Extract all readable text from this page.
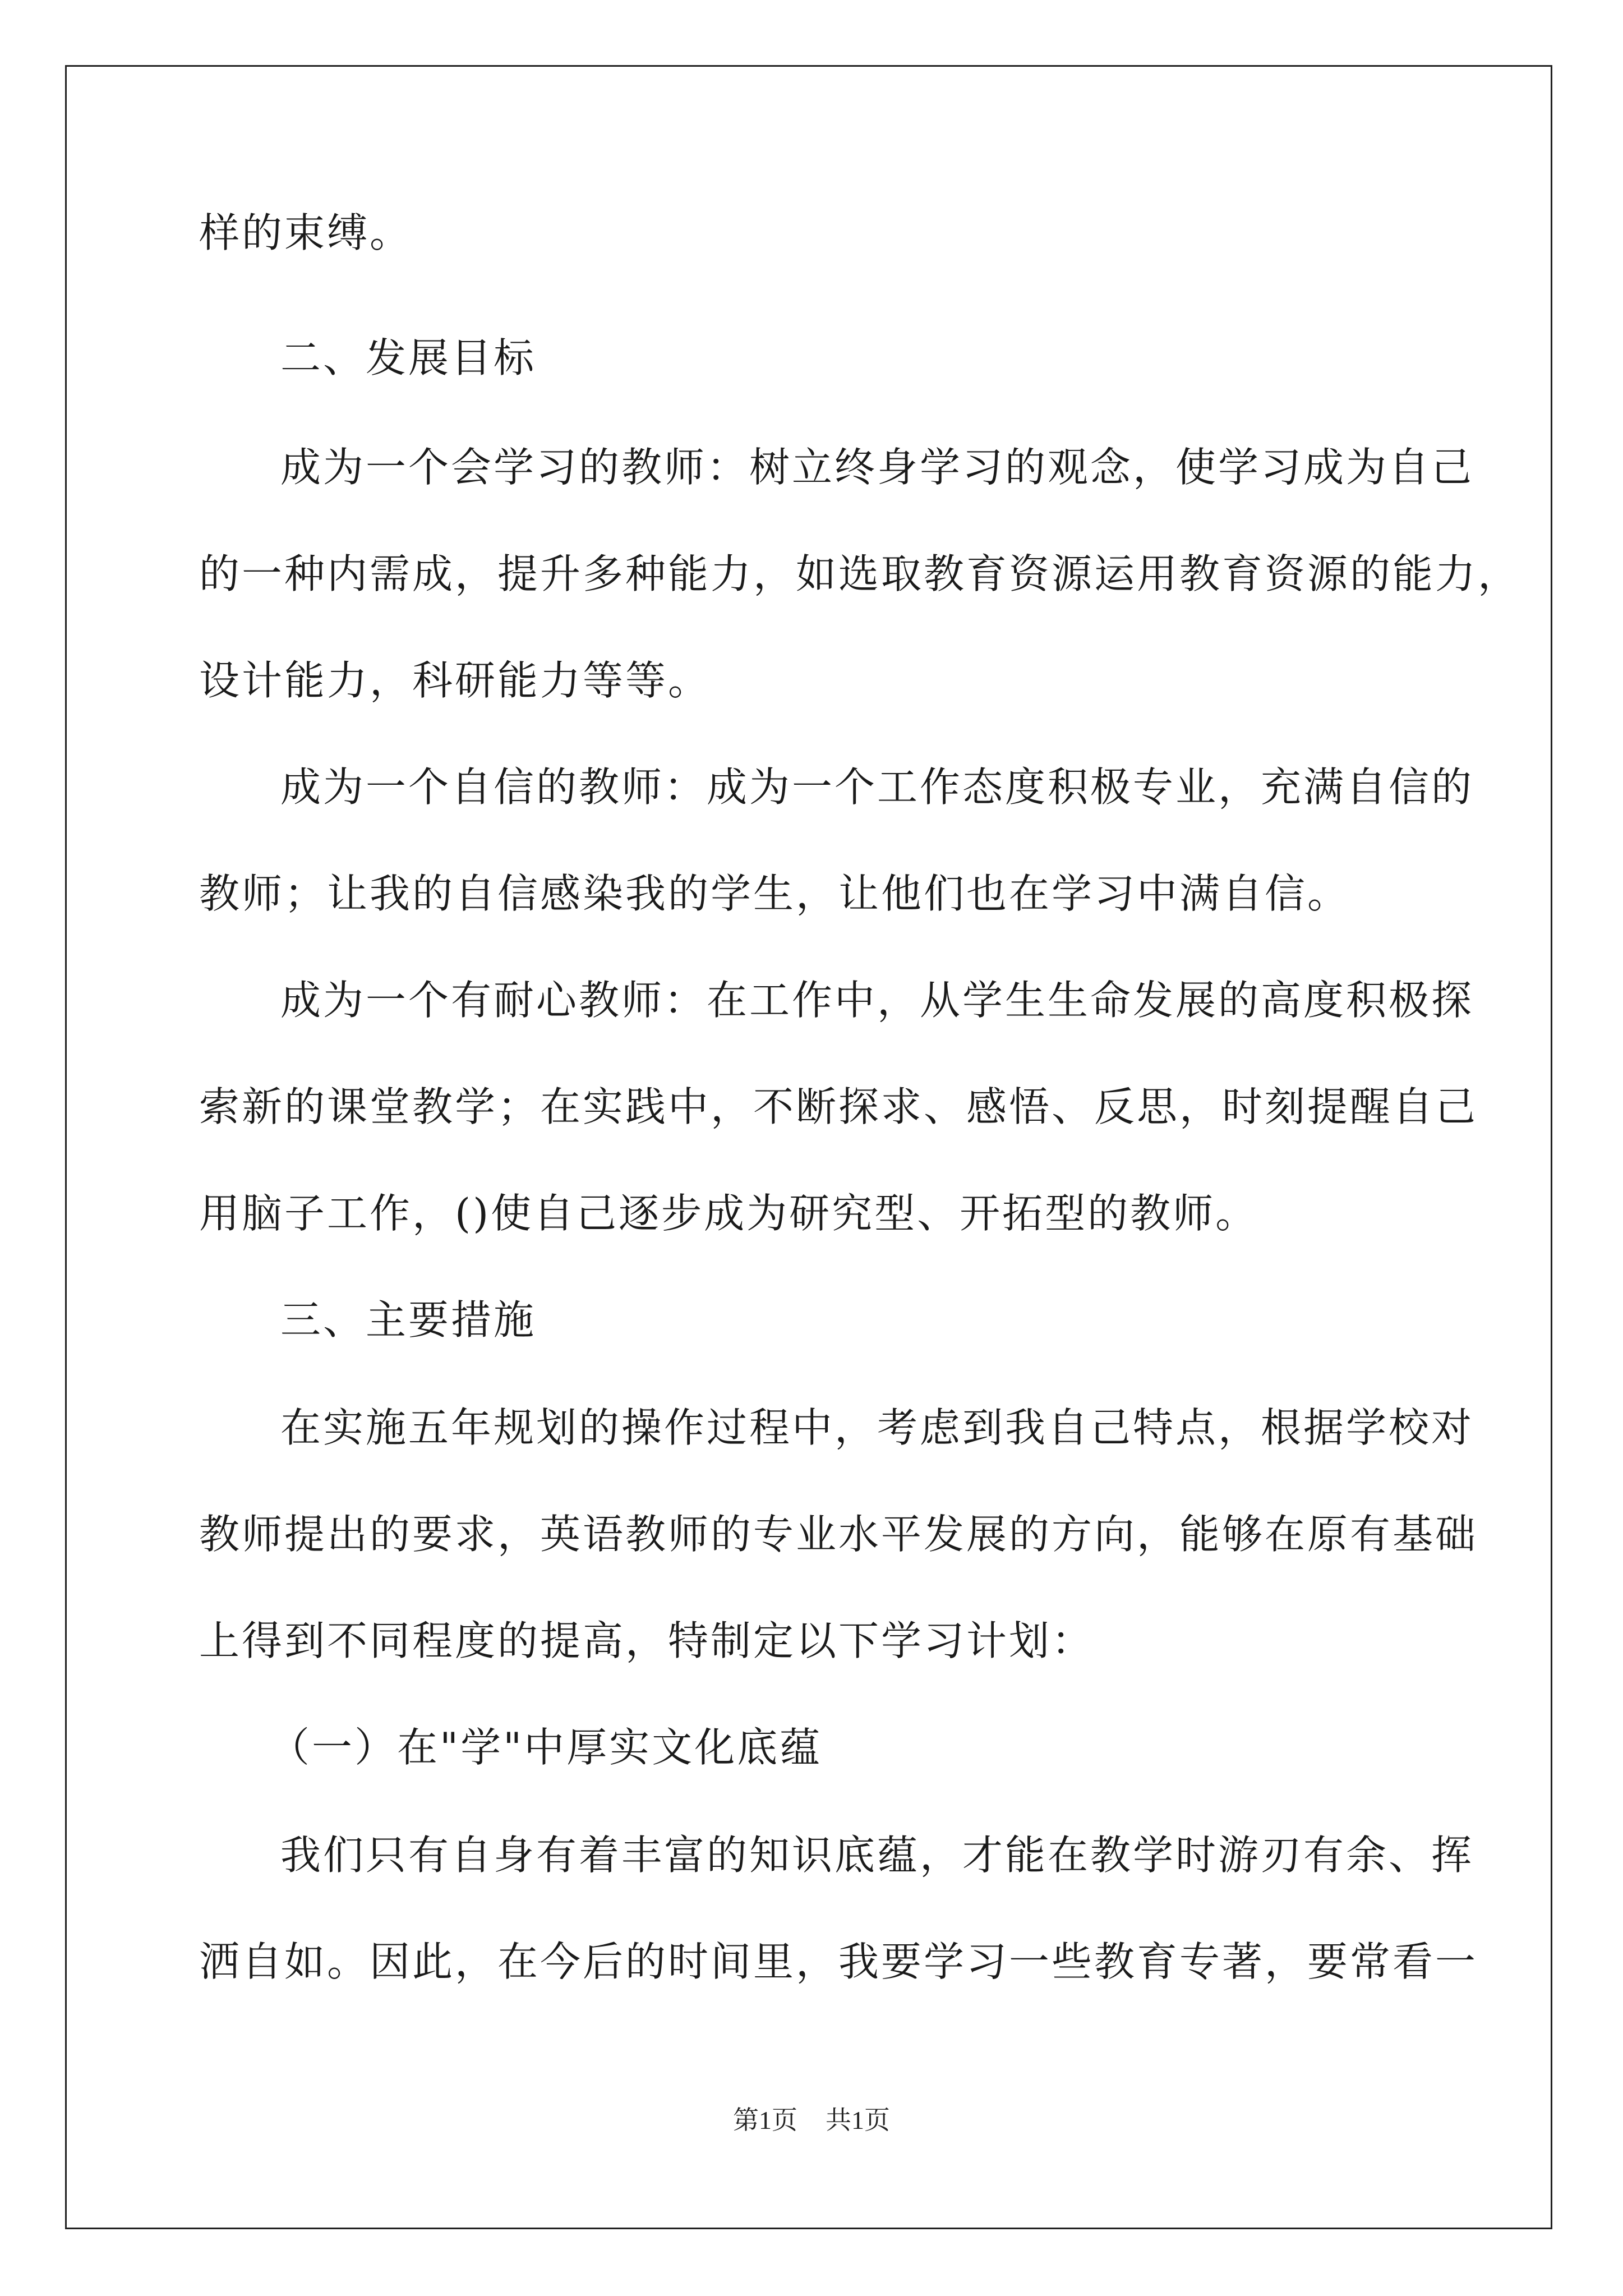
样的束缚。
二、发展目标
成为一个会学习的教师：树立终身学习的观念，使学习成为自己
的一种内需成，提升多种能力，如选取教育资源运用教育资源的能力，
设计能力，科研能力等等。
成为一个自信的教师：成为一个工作态度积极专业，充满自信的
教师；让我的自信感染我的学生，让他们也在学习中满自信。
成为一个有耐心教师：在工作中，从学生生命发展的高度积极探
索新的课堂教学；在实践中，不断探求、感悟、反思，时刻提醒自己
用脑子工作，()使自己逐步成为研究型、开拓型的教师。
三、主要措施
在实施五年规划的操作过程中，考虑到我自己特点，根据学校对
教师提出的要求，英语教师的专业水平发展的方向，能够在原有基础
上得到不同程度的提高，特制定以下学习计划：
（一）在"学"中厚实文化底蕴
我们只有自身有着丰富的知识底蕴，才能在教学时游刃有余、挥
洒自如。因此，在今后的时间里，我要学习一些教育专著，要常看一
第1页 共1页
